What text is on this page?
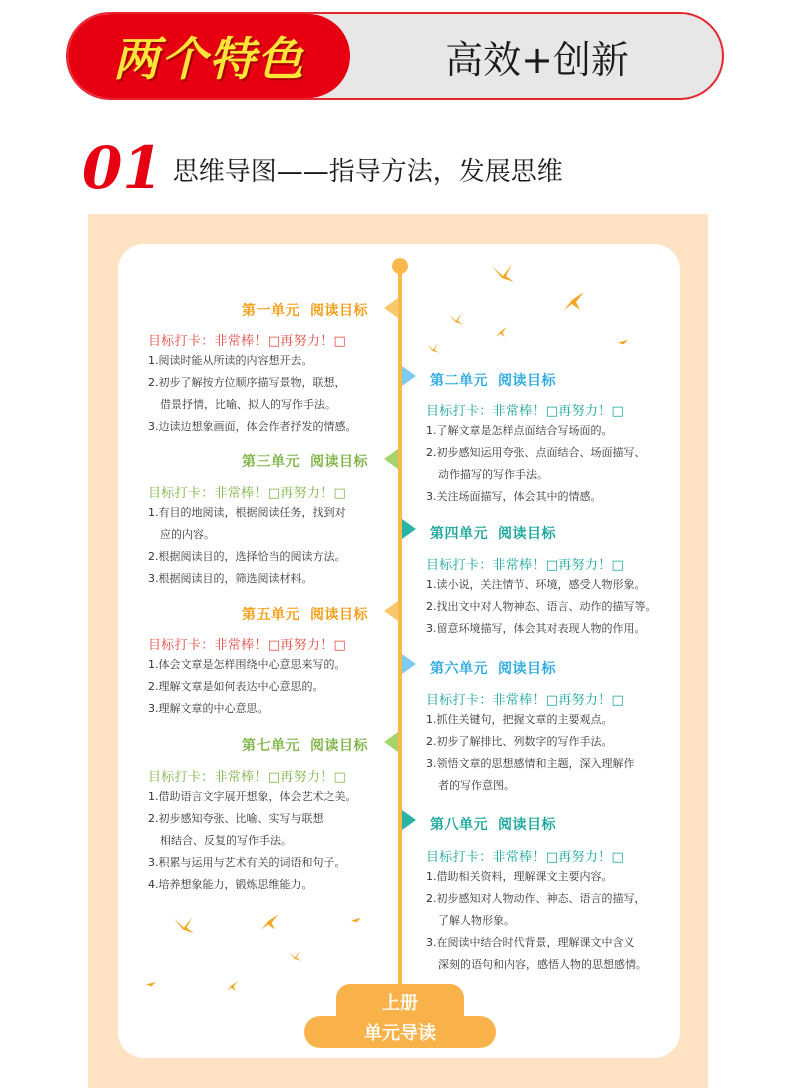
两个特色	高效+创新
01 思维导图——指导方法，发展思维
第一单元 阅读目标
目标打卡：非常棒！□再努力！□
1.阅读时能从所读的内容想开去。
2.初步了解按方位顺序描写景物，联想，
借景抒情，比喻、拟人的写作手法。
3.边读边想象画面，体会作者抒发的情感。
第二单元 阅读目标
目标打卡：非常棒！□再努力！□
1.了解文章是怎样点面结合写场面的。
2.初步感知运用夸张、点面结合、场面描写、
动作描写的写作手法。
3.关注场面描写，体会其中的情感。
第三单元 阅读目标
目标打卡：非常棒！□再努力！□
1.有目的地阅读，根据阅读任务，找到对
应的内容。
2.根据阅读目的，选择恰当的阅读方法。
3.根据阅读目的，筛选阅读材料。
第四单元 阅读目标
目标打卡：非常棒！□再努力！□
1.读小说，关注情节、环境，感受人物形象。
2.找出文中对人物神态、语言、动作的描写等。
3.留意环境描写，体会其对表现人物的作用。
第五单元 阅读目标
目标打卡：非常棒！□再努力！□
1.体会文章是怎样围绕中心意思来写的。
2.理解文章是如何表达中心意思的。
3.理解文章的中心意思。
第六单元 阅读目标
目标打卡：非常棒！□再努力！□
1.抓住关键句，把握文章的主要观点。
2.初步了解排比、列数字的写作手法。
3.领悟文章的思想感情和主题，深入理解作
者的写作意图。
第七单元 阅读目标
目标打卡：非常棒！□再努力！□
1.借助语言文字展开想象，体会艺术之美。
2.初步感知夸张、比喻、实写与联想
相结合、反复的写作手法。
3.积累与运用与艺术有关的词语和句子。
4.培养想象能力，锻炼思维能力。
第八单元 阅读目标
目标打卡：非常棒！□再努力！□
1.借助相关资料，理解课文主要内容。
2.初步感知对人物动作、神态、语言的描写，
了解人物形象。
3.在阅读中结合时代背景，理解课文中含义
深刻的语句和内容，感悟人物的思想感情。
上册
单元导读
